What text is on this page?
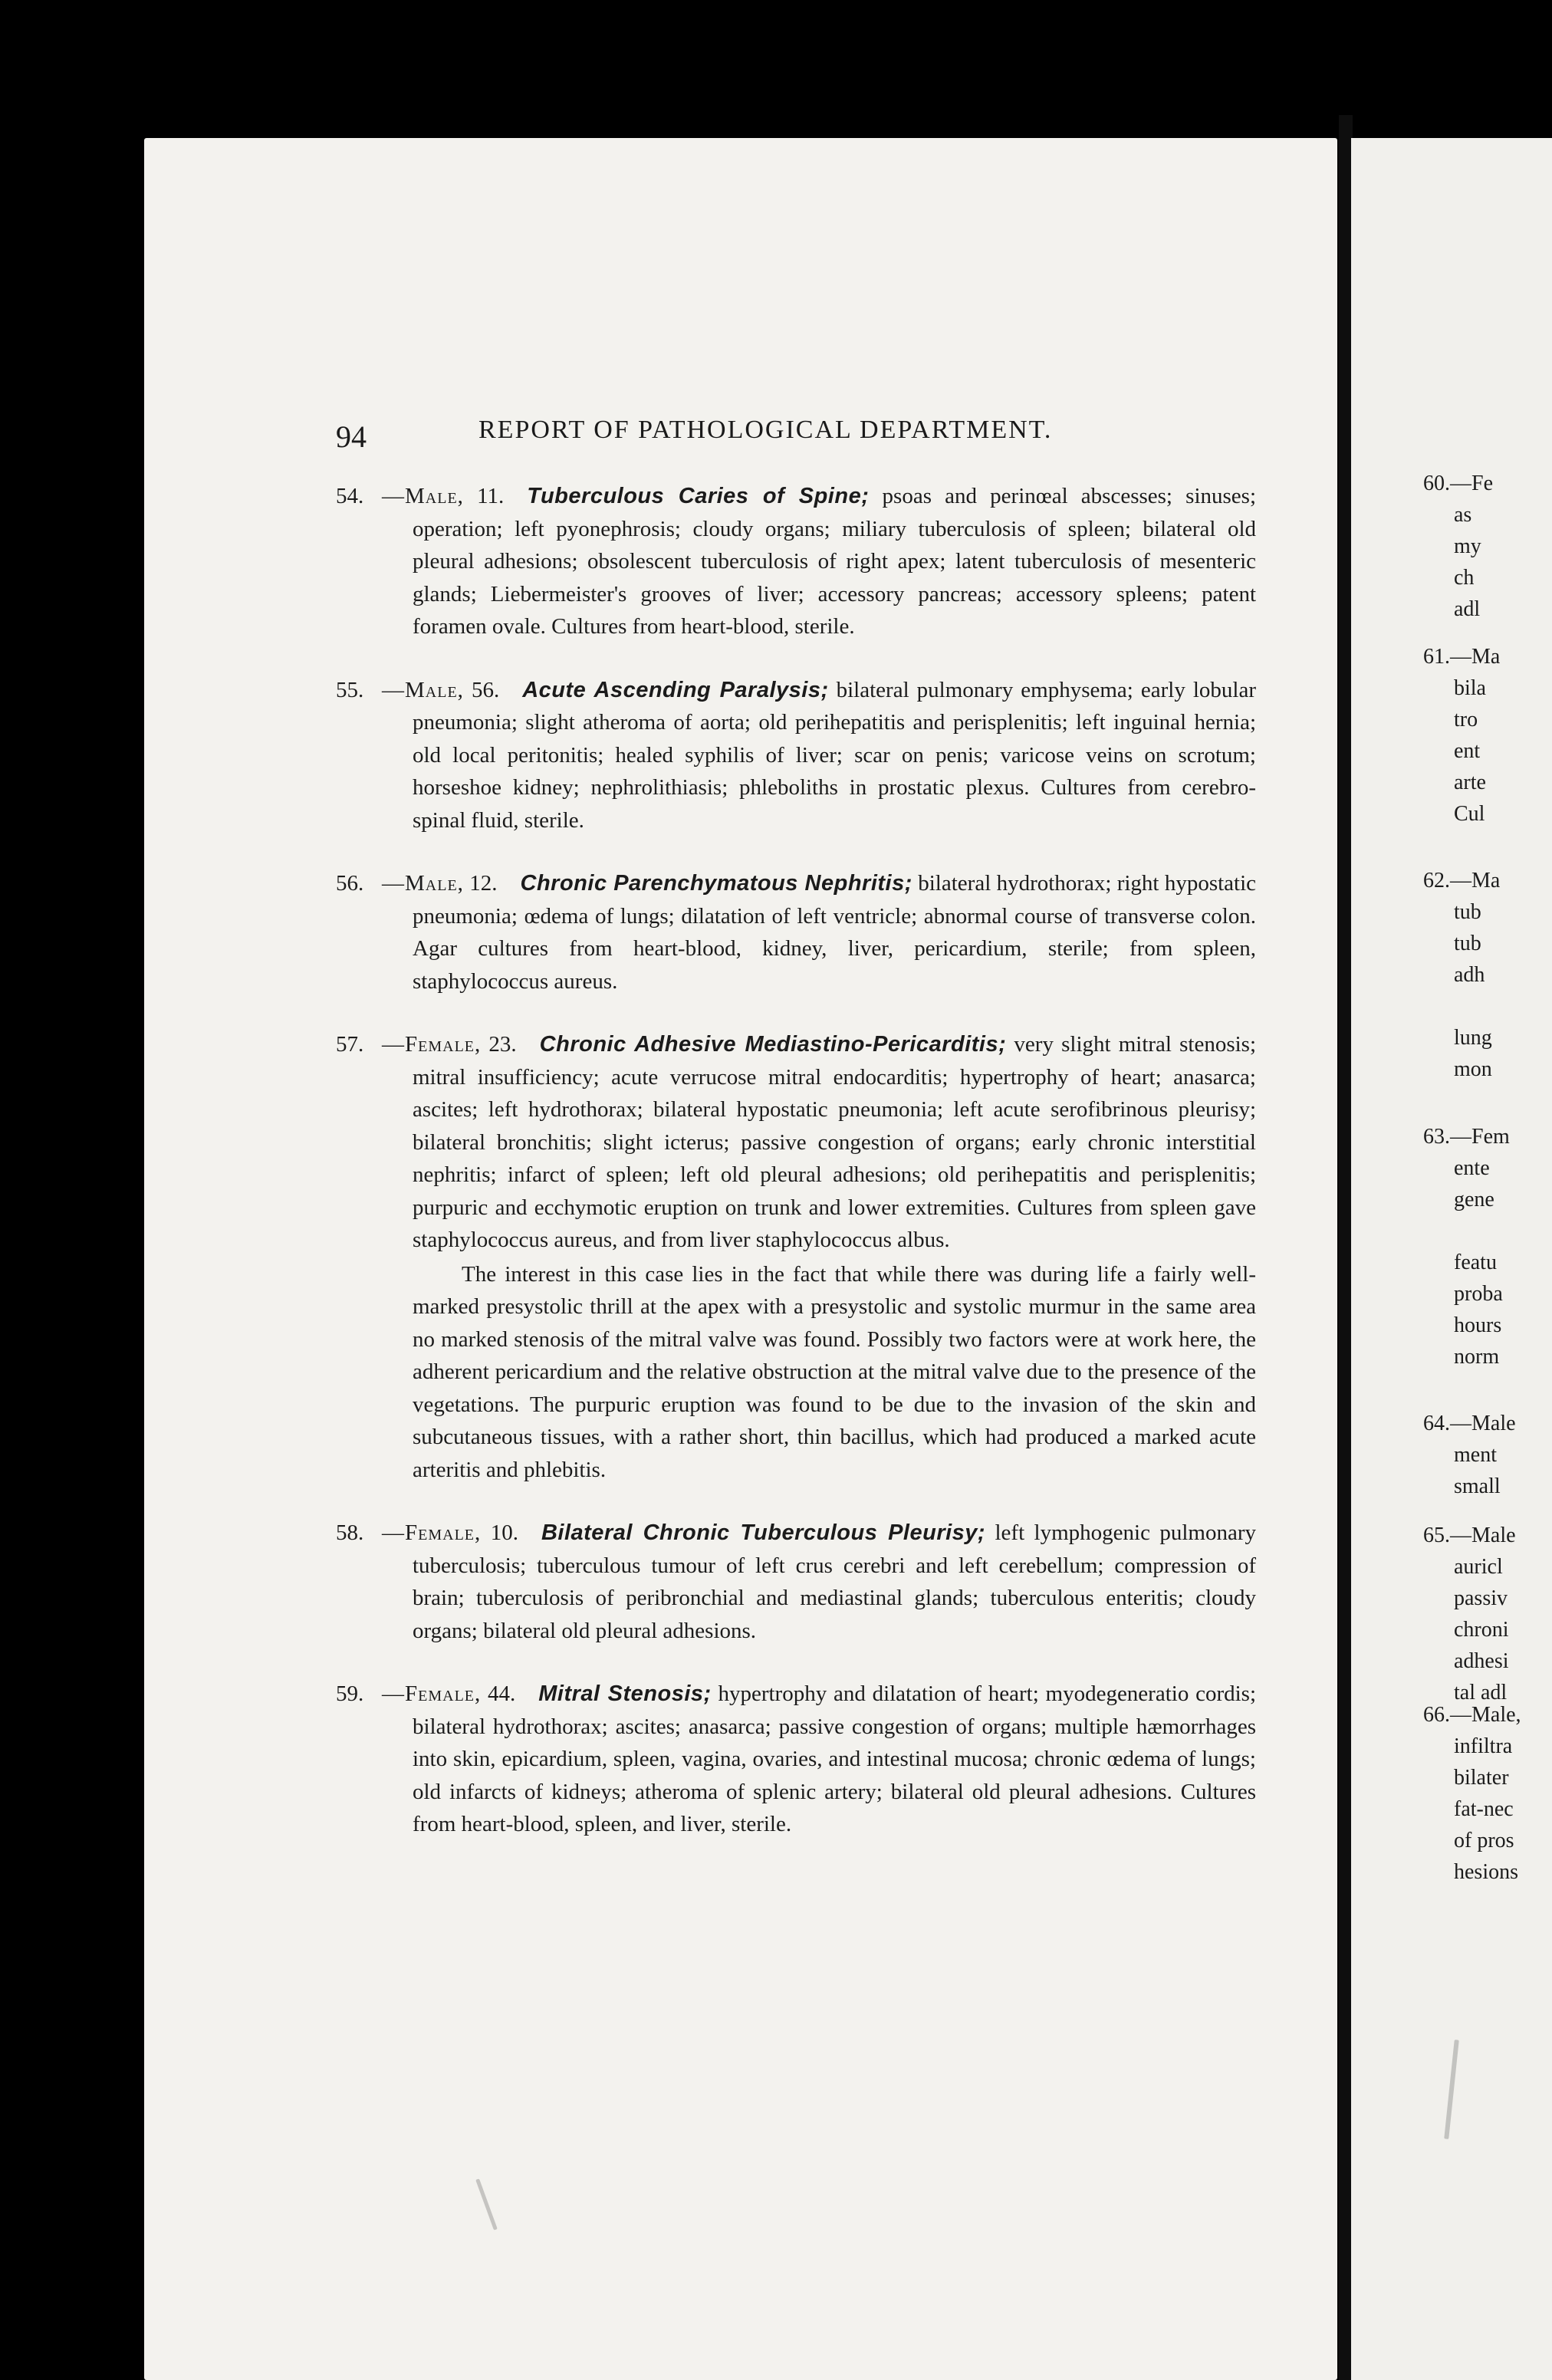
94	REPORT OF PATHOLOGICAL DEPARTMENT.

54. —Male, 11. Tuberculous Caries of Spine; psoas and perinœal abscesses; sinuses; operation; left pyonephrosis; cloudy organs; miliary tuberculosis of spleen; bilateral old pleural adhesions; obsolescent tuberculosis of right apex; latent tuberculosis of mesenteric glands; Liebermeister's grooves of liver; accessory pancreas; accessory spleens; patent foramen ovale. Cultures from heart-blood, sterile.

55. —Male, 56. Acute Ascending Paralysis; bilateral pulmonary emphysema; early lobular pneumonia; slight atheroma of aorta; old perihepatitis and perisplenitis; left inguinal hernia; old local peritonitis; healed syphilis of liver; scar on penis; varicose veins on scrotum; horseshoe kidney; nephrolithiasis; phleboliths in prostatic plexus. Cultures from cerebro-spinal fluid, sterile.

56. —Male, 12. Chronic Parenchymatous Nephritis; bilateral hydrothorax; right hypostatic pneumonia; œdema of lungs; dilatation of left ventricle; abnormal course of transverse colon. Agar cultures from heart-blood, kidney, liver, pericardium, sterile; from spleen, staphylococcus aureus.

57. —Female, 23. Chronic Adhesive Mediastino-Pericarditis; very slight mitral stenosis; mitral insufficiency; acute verrucose mitral endocarditis; hypertrophy of heart; anasarca; ascites; left hydrothorax; bilateral hypostatic pneumonia; left acute serofibrinous pleurisy; bilateral bronchitis; slight icterus; passive congestion of organs; early chronic interstitial nephritis; infarct of spleen; left old pleural adhesions; old perihepatitis and perisplenitis; purpuric and ecchymotic eruption on trunk and lower extremities. Cultures from spleen gave staphylococcus aureus, and from liver staphylococcus albus.

The interest in this case lies in the fact that while there was during life a fairly well-marked presystolic thrill at the apex with a presystolic and systolic murmur in the same area no marked stenosis of the mitral valve was found. Possibly two factors were at work here, the adherent pericardium and the relative obstruction at the mitral valve due to the presence of the vegetations. The purpuric eruption was found to be due to the invasion of the skin and subcutaneous tissues, with a rather short, thin bacillus, which had produced a marked acute arteritis and phlebitis.

58. —Female, 10. Bilateral Chronic Tuberculous Pleurisy; left lymphogenic pulmonary tuberculosis; tuberculous tumour of left crus cerebri and left cerebellum; compression of brain; tuberculosis of peribronchial and mediastinal glands; tuberculous enteritis; cloudy organs; bilateral old pleural adhesions.

59. —Female, 44. Mitral Stenosis; hypertrophy and dilatation of heart; myodegeneratio cordis; bilateral hydrothorax; ascites; anasarca; passive congestion of organs; multiple hæmorrhages into skin, epicardium, spleen, vagina, ovaries, and intestinal mucosa; chronic œdema of lungs; old infarcts of kidneys; atheroma of splenic artery; bilateral old pleural adhesions. Cultures from heart-blood, spleen, and liver, sterile.

60.—Fe
as
my
ch
adl
61.—Ma
bila
tro
ent
arte
Cul
62.—Ma
tub
tub
adh
lung
mon
63.—Fem
ente
gene
featu
proba
hours
norm
64.—Male
ment
small
65.—Male
auricl
passiv
chroni
adhesi
tal adl
66.—Male,
infiltra
bilater
fat-nec
of pros
hesions
